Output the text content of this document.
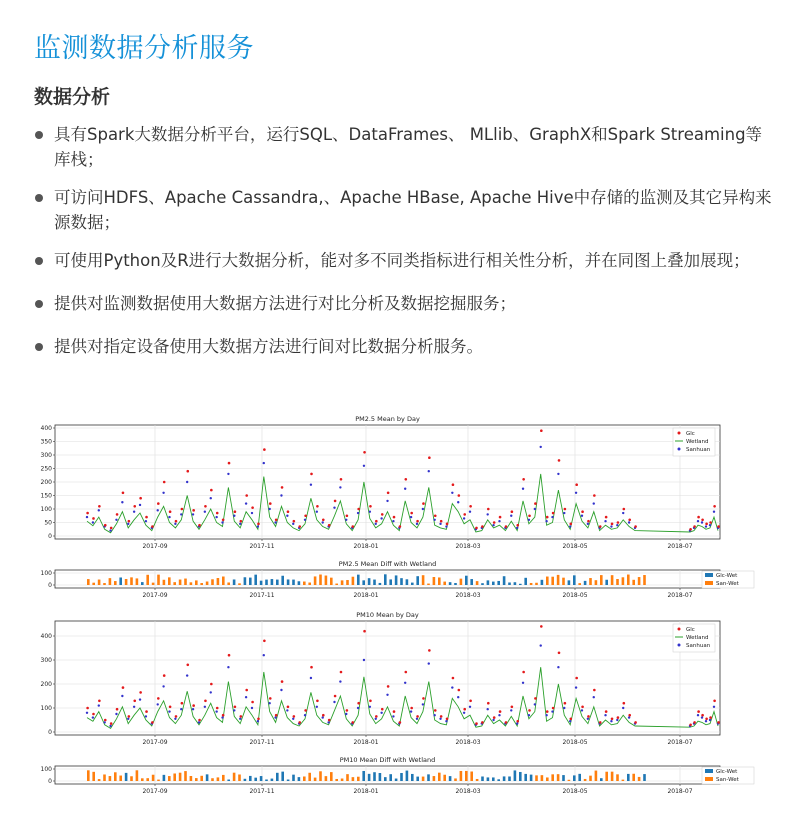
监测数据分析服务
数据分析
具有Spark大数据分析平台，运行SQL、DataFrames、 MLlib、GraphX和Spark Streaming等库栈；
可访问HDFS、Apache Cassandra,、Apache HBase, Apache Hive中存储的监测及其它异构来源数据；
可使用Python及R进行大数据分析，能对多不同类指标进行相关性分析，并在同图上叠加展现；
提供对监测数据使用大数据方法进行对比分析及数据挖掘服务；
提供对指定设备使用大数据方法进行间对比数据分析服务。
PM2.5 Mean by Day
2017-09	2017-11	2018-01	2018-03	2018-05	2018-07
0
50
100
150
200
250
300
350
400
Glc
Wetland
Sanhuan
PM2.5 Mean Diff with Wetland
2017-09	2017-11	2018-01	2018-03	2018-05	2018-07
0
100	Glc-Wet
San-Wet
PM10 Mean by Day
2017-09	2017-11	2018-01	2018-03	2018-05	2018-07
0
100
200
300
400
Glc
Wetland
Sanhuan
PM10 Mean Diff with Wetland
2017-09	2017-11	2018-01	2018-03	2018-05	2018-07
0
100	Glc-Wet
San-Wet
